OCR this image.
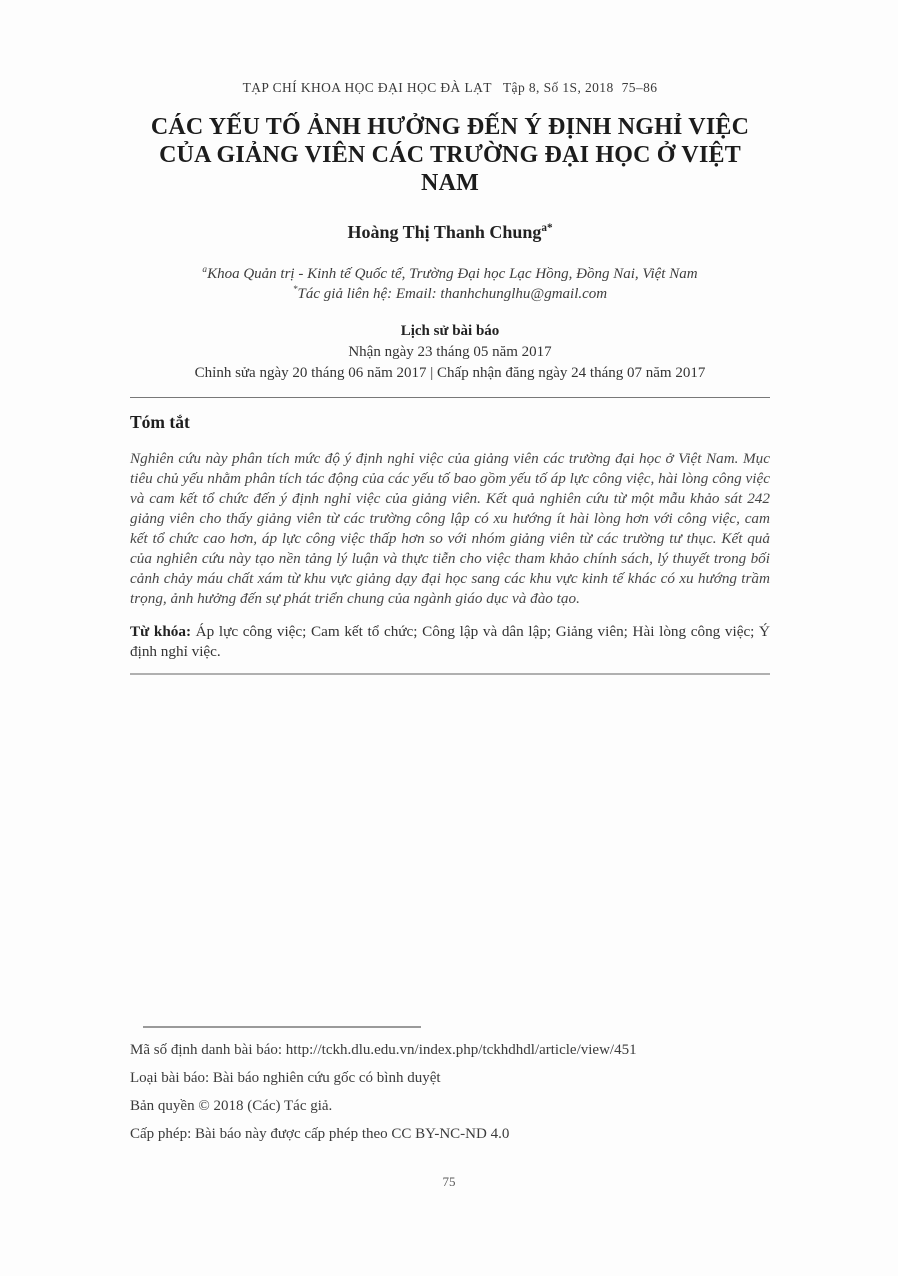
TẠP CHÍ KHOA HỌC ĐẠI HỌC ĐÀ LẠT Tập 8, Số 1S, 2018 75–86
CÁC YẾU TỐ ẢNH HƯỞNG ĐẾN Ý ĐỊNH NGHỈ VIỆC
CỦA GIẢNG VIÊN CÁC TRƯỜNG ĐẠI HỌC Ở VIỆT NAM
Hoàng Thị Thanh Chung$^{a*}$
$^a$Khoa Quản trị - Kinh tế Quốc tế, Trường Đại học Lạc Hồng, Đồng Nai, Việt Nam
*Tác giả liên hệ: Email: thanhchunglhu@gmail.com
Lịch sử bài báo
Nhận ngày 23 tháng 05 năm 2017
Chỉnh sửa ngày 20 tháng 06 năm 2017 | Chấp nhận đăng ngày 24 tháng 07 năm 2017
Tóm tắt

Nghiên cứu này phân tích mức độ ý định nghỉ việc của giảng viên các trường đại học ở Việt Nam. Mục tiêu chủ yếu nhằm phân tích tác động của các yếu tố bao gồm yếu tố áp lực công việc, hài lòng công việc và cam kết tổ chức đến ý định nghỉ việc của giảng viên. Kết quả nghiên cứu từ một mẫu khảo sát 242 giảng viên cho thấy giảng viên từ các trường công lập có xu hướng ít hài lòng hơn với công việc, cam kết tổ chức cao hơn, áp lực công việc thấp hơn so với nhóm giảng viên từ các trường tư thục. Kết quả của nghiên cứu này tạo nền tảng lý luận và thực tiễn cho việc tham khảo chính sách, lý thuyết trong bối cảnh chảy máu chất xám từ khu vực giảng dạy đại học sang các khu vực kinh tế khác có xu hướng trầm trọng, ảnh hưởng đến sự phát triển chung của ngành giáo dục và đào tạo.

Từ khóa: Áp lực công việc; Cam kết tổ chức; Công lập và dân lập; Giảng viên; Hài lòng công việc; Ý định nghỉ việc.

Mã số định danh bài báo: http://tckh.dlu.edu.vn/index.php/tckhdhdl/article/view/451
Loại bài báo: Bài báo nghiên cứu gốc có bình duyệt
Bản quyền © 2018 (Các) Tác giả.
Cấp phép: Bài báo này được cấp phép theo CC BY-NC-ND 4.0
75
